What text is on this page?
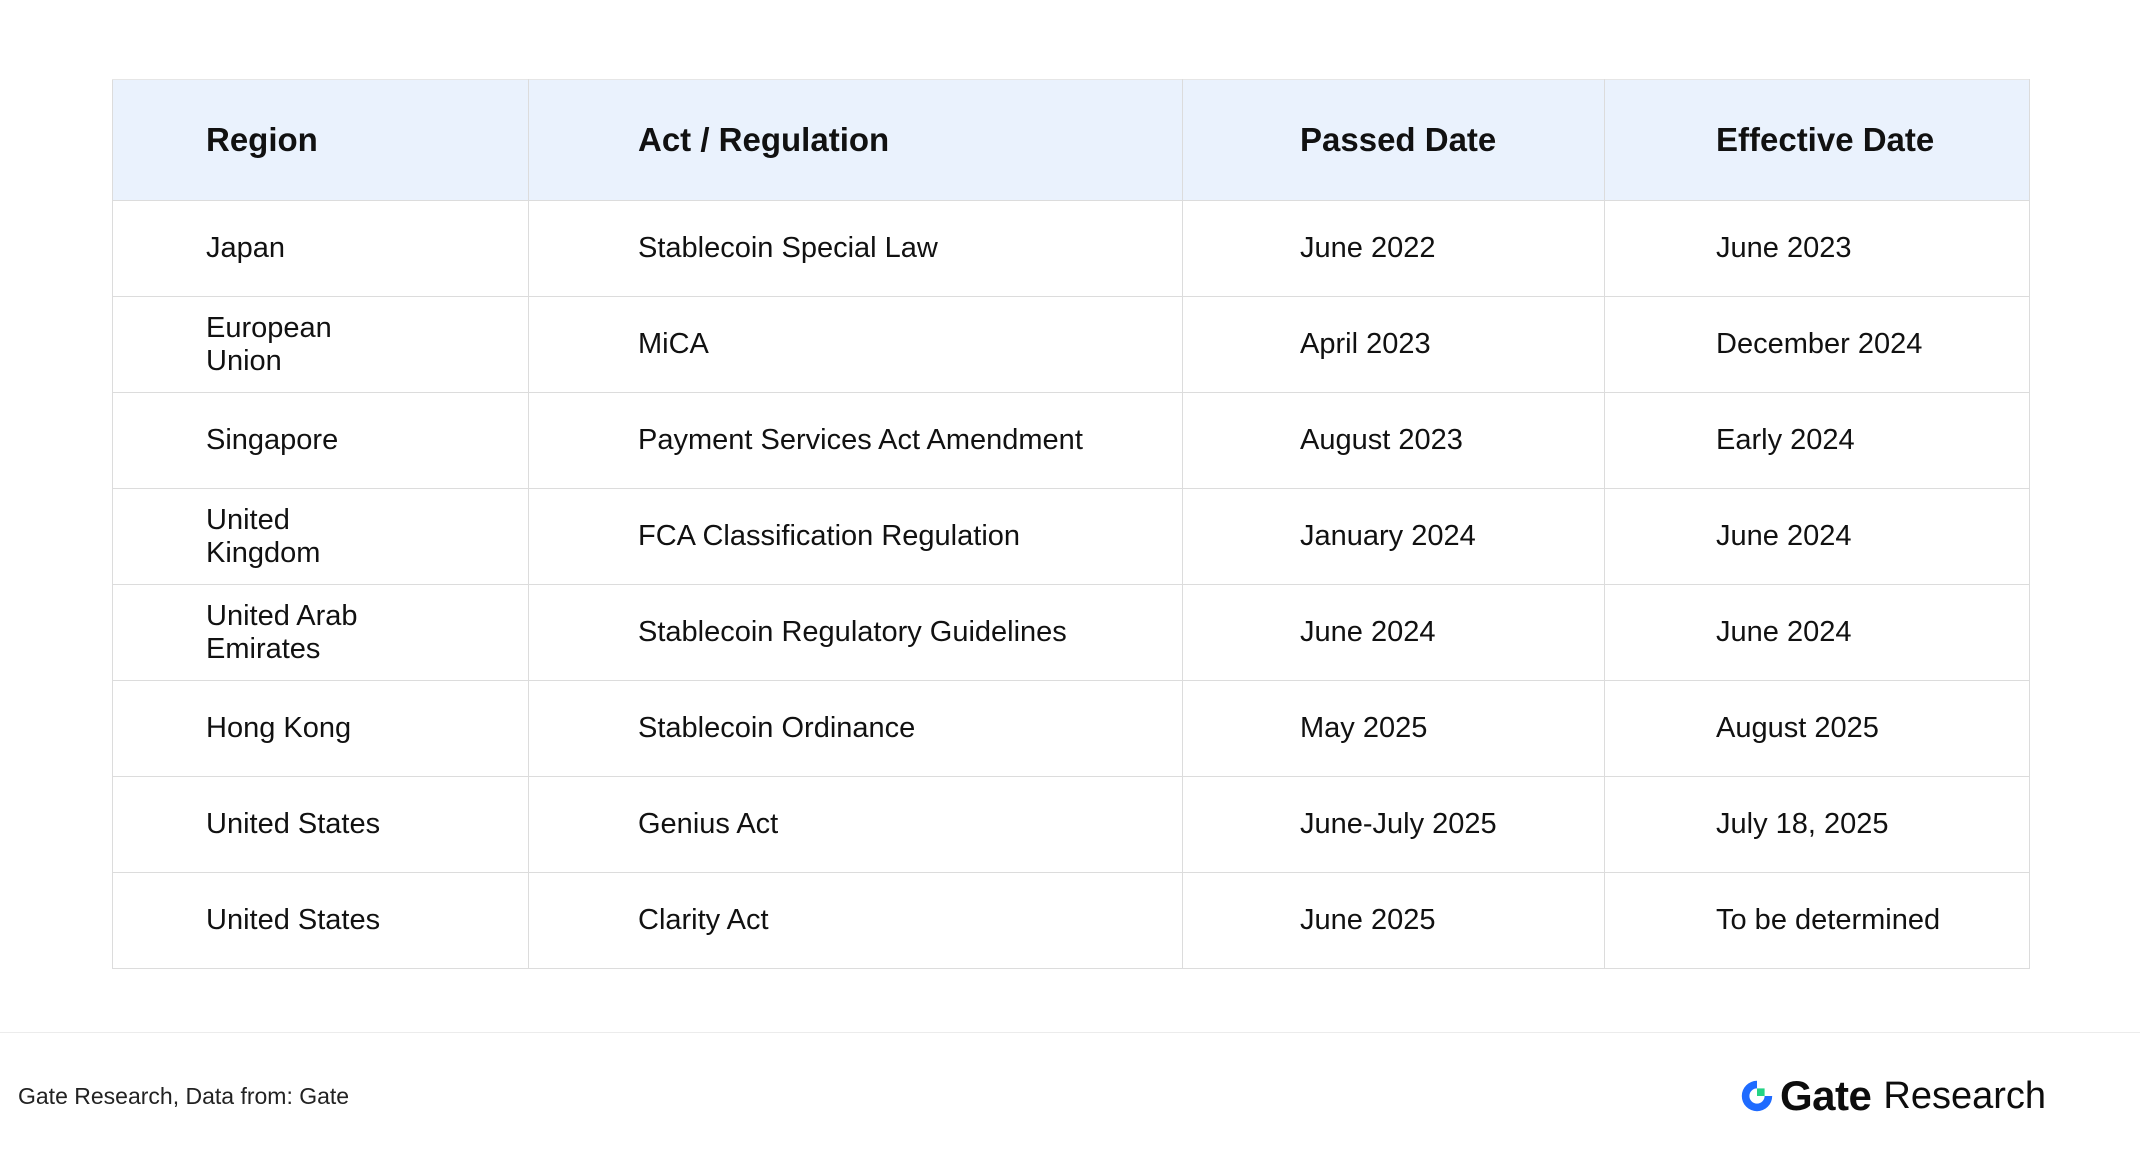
Region	Act / Regulation	Passed Date	Effective Date
Japan	Stablecoin Special Law	June 2022	June 2023
European Union	MiCA	April 2023	December 2024
Singapore	Payment Services Act Amendment	August 2023	Early 2024
United Kingdom	FCA Classification Regulation	January 2024	June 2024
United Arab Emirates	Stablecoin Regulatory Guidelines	June 2024	June 2024
Hong Kong	Stablecoin Ordinance	May 2025	August 2025
United States	Genius Act	June-July 2025	July 18, 2025
United States	Clarity Act	June 2025	To be determined
Gate Research, Data from: Gate	Gate Research
